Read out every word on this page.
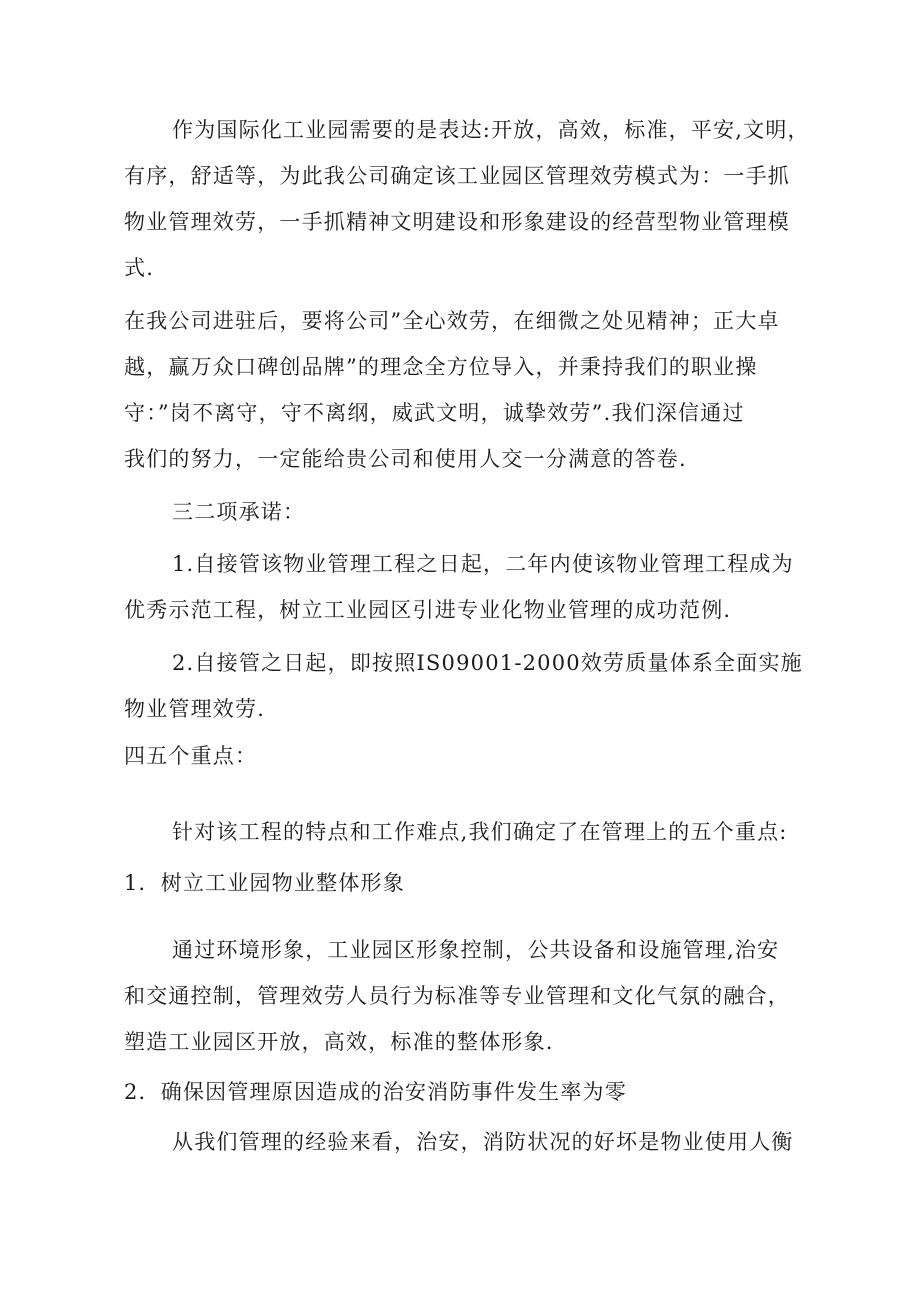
作为国际化工业园需要的是表达:开放，高效，标准，平安,文明，
有序，舒适等，为此我公司确定该工业园区管理效劳模式为：一手抓
物业管理效劳，一手抓精神文明建设和形象建设的经营型物业管理模
式.
在我公司进驻后，要将公司”全心效劳，在细微之处见精神；正大卓
越，赢万众口碑创品牌”的理念全方位导入，并秉持我们的职业操
守：”岗不离守，守不离纲，威武文明，诚挚效劳”.我们深信通过
我们的努力，一定能给贵公司和使用人交一分满意的答卷.
三二项承诺：
1.自接管该物业管理工程之日起，二年内使该物业管理工程成为
优秀示范工程，树立工业园区引进专业化物业管理的成功范例.
2.自接管之日起，即按照IS09001-2000效劳质量体系全面实施
物业管理效劳.
四五个重点：
针对该工程的特点和工作难点,我们确定了在管理上的五个重点:
1．树立工业园物业整体形象
通过环境形象，工业园区形象控制，公共设备和设施管理,治安
和交通控制，管理效劳人员行为标准等专业管理和文化气氛的融合，
塑造工业园区开放，高效，标准的整体形象.
2．确保因管理原因造成的治安消防事件发生率为零
从我们管理的经验来看，治安，消防状况的好坏是物业使用人衡
